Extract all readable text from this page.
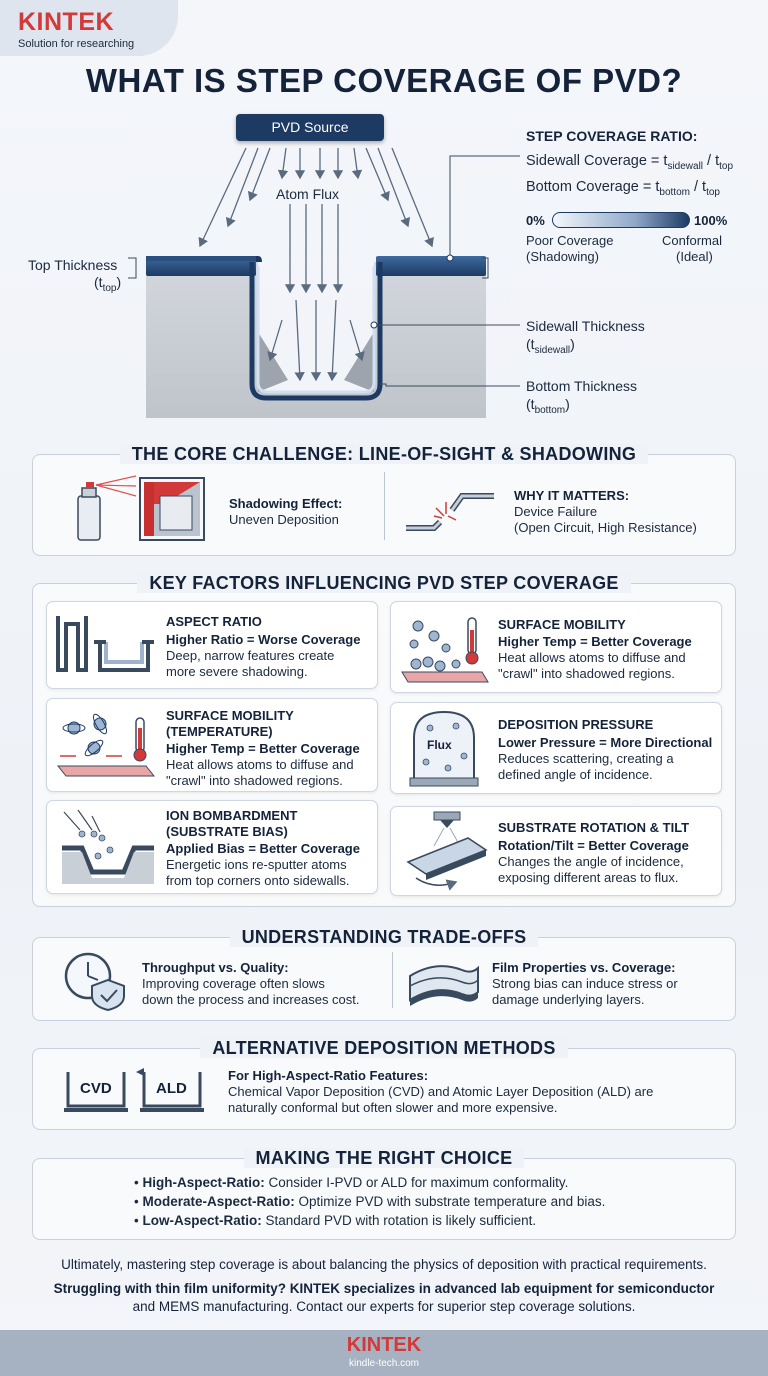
KINTEK
Solution for researching
WHAT IS STEP COVERAGE OF PVD?
PVD Source
Atom Flux
Top Thickness
$(t_{top})$
Sidewall Thickness
$(t_{sidewall})$
Bottom Thickness
$(t_{bottom})$
STEP COVERAGE RATIO:
Sidewall Coverage = $t_{sidewall} / t_{top}$
Bottom Coverage = $t_{bottom} / t_{top}$
0%	100%
Poor Coverage
(Shadowing)
Conformal
(Ideal)
THE CORE CHALLENGE: LINE-OF-SIGHT & SHADOWING
Shadowing Effect:
Uneven Deposition
WHY IT MATTERS:
Device Failure
(Open Circuit, High Resistance)
KEY FACTORS INFLUENCING PVD STEP COVERAGE
ASPECT RATIO
Higher Ratio = Worse Coverage
Deep, narrow features create
more severe shadowing.
SURFACE MOBILITY
Higher Temp = Better Coverage
Heat allows atoms to diffuse and
"crawl" into shadowed regions.
SURFACE MOBILITY
(TEMPERATURE)
Higher Temp = Better Coverage
Heat allows atoms to diffuse and
"crawl" into shadowed regions.
Flux
DEPOSITION PRESSURE
Lower Pressure = More Directional
Reduces scattering, creating a
defined angle of incidence.
ION BOMBARDMENT
(SUBSTRATE BIAS)
Applied Bias = Better Coverage
Energetic ions re-sputter atoms
from top corners onto sidewalls.
SUBSTRATE ROTATION & TILT
Rotation/Tilt = Better Coverage
Changes the angle of incidence,
exposing different areas to flux.
UNDERSTANDING TRADE-OFFS
Throughput vs. Quality:
Improving coverage often slows
down the process and increases cost.
Film Properties vs. Coverage:
Strong bias can induce stress or
damage underlying layers.
ALTERNATIVE DEPOSITION METHODS
CVD	ALD
For High-Aspect-Ratio Features:
Chemical Vapor Deposition (CVD) and Atomic Layer Deposition (ALD) are
naturally conformal but often slower and more expensive.
MAKING THE RIGHT CHOICE
• High-Aspect-Ratio: Consider I-PVD or ALD for maximum conformality.
• Moderate-Aspect-Ratio: Optimize PVD with substrate temperature and bias.
• Low-Aspect-Ratio: Standard PVD with rotation is likely sufficient.
Ultimately, mastering step coverage is about balancing the physics of deposition with practical requirements.
Struggling with thin film uniformity? KINTEK specializes in advanced lab equipment for semiconductor
and MEMS manufacturing. Contact our experts for superior step coverage solutions.
KINTEK
kindle-tech.com
